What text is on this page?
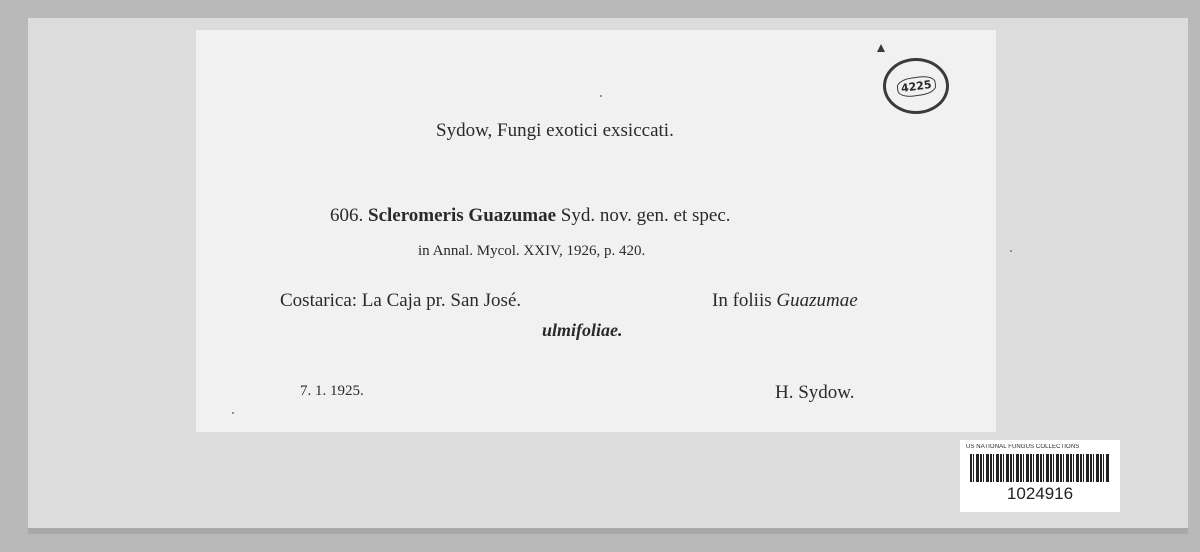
Sydow, Fungi exotici exsiccati.
606. Scleromeris Guazumae Syd. nov. gen. et spec.
in Annal. Mycol. XXIV, 1926, p. 420.
Costarica: La Caja pr. San José.	In foliis Guazumae
ulmifoliae.
7. 1. 1925.	H. Sydow.
4225
US NATIONAL FUNGUS COLLECTIONS
1024916
